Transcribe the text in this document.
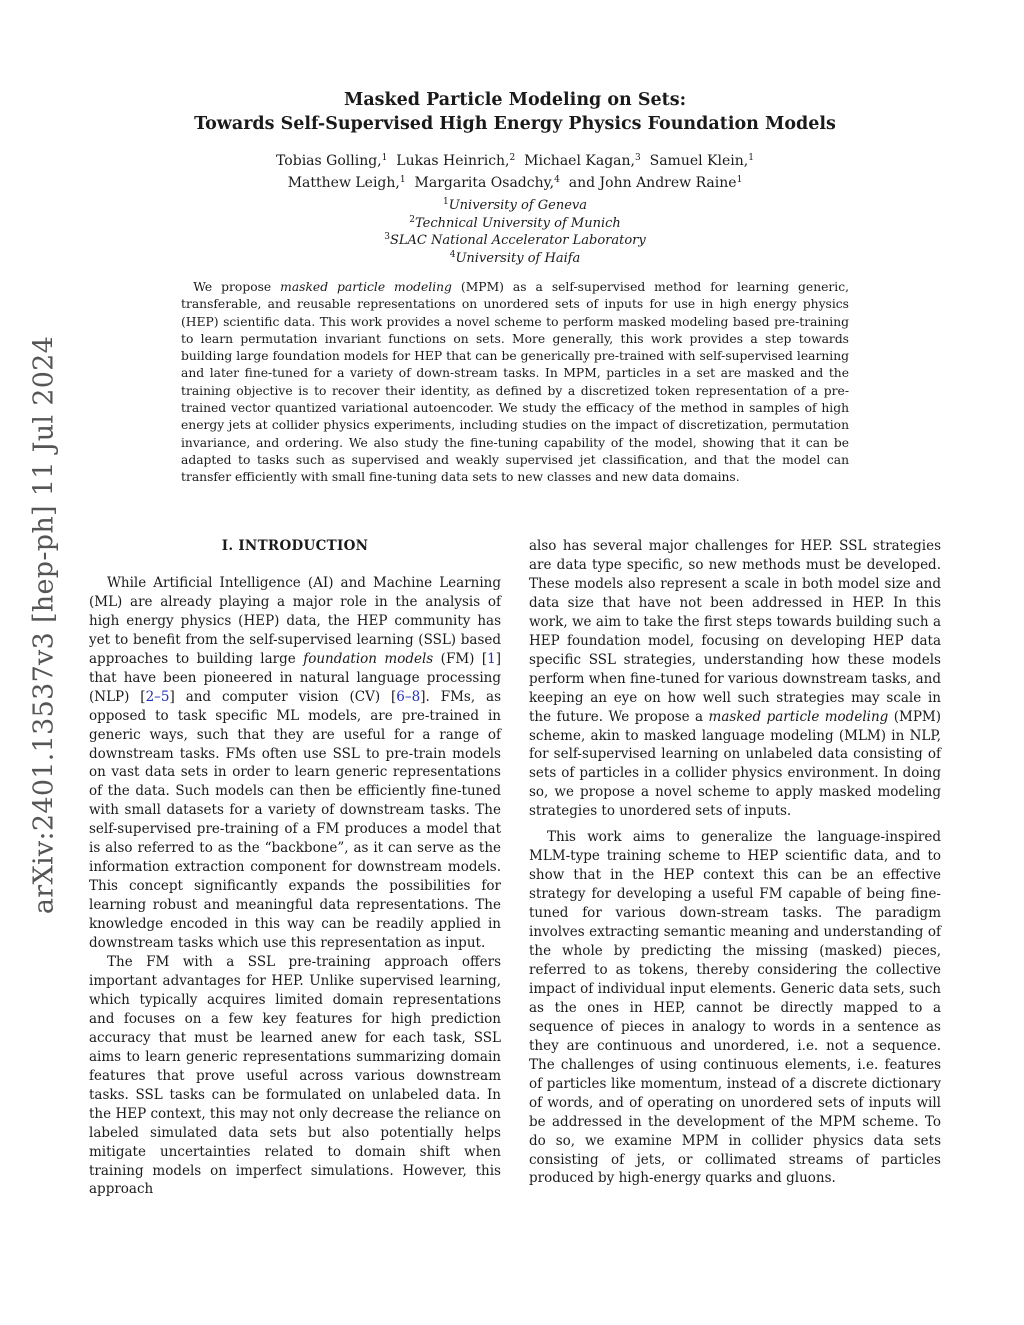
arXiv:2401.13537v3 [hep-ph] 11 Jul 2024
Masked Particle Modeling on Sets:
Towards Self-Supervised High Energy Physics Foundation Models
Tobias Golling,$^1$ Lukas Heinrich,$^2$ Michael Kagan,$^3$ Samuel Klein,$^1$
Matthew Leigh,$^1$ Margarita Osadchy,$^4$ and John Andrew Raine$^1$
$^1$University of Geneva
$^2$Technical University of Munich
$^3$SLAC National Accelerator Laboratory
$^4$University of Haifa

 We propose masked particle modeling (MPM) as a self-supervised method for learning generic, transferable, and reusable representations on unordered sets of inputs for use in high energy physics (HEP) scientific data. This work provides a novel scheme to perform masked modeling based pre-training to learn permutation invariant functions on sets. More generally, this work provides a step towards building large foundation models for HEP that can be generically pre-trained with self-supervised learning and later fine-tuned for a variety of down-stream tasks. In MPM, particles in a set are masked and the training objective is to recover their identity, as defined by a discretized token representation of a pre-trained vector quantized variational autoencoder. We study the efficacy of the method in samples of high energy jets at collider physics experiments, including studies on the impact of discretization, permutation invariance, and ordering. We also study the fine-tuning capability of the model, showing that it can be adapted to tasks such as supervised and weakly supervised jet classification, and that the model can transfer efficiently with small fine-tuning data sets to new classes and new data domains.

I. INTRODUCTION

While Artificial Intelligence (AI) and Machine Learning (ML) are already playing a major role in the analysis of high energy physics (HEP) data, the HEP community has yet to benefit from the self-supervised learning (SSL) based approaches to building large foundation models (FM) [1] that have been pioneered in natural language processing (NLP) [2–5] and computer vision (CV) [6–8]. FMs, as opposed to task specific ML models, are pre-trained in generic ways, such that they are useful for a range of downstream tasks. FMs often use SSL to pre-train models on vast data sets in order to learn generic representations of the data. Such models can then be efficiently fine-tuned with small datasets for a variety of downstream tasks. The self-supervised pre-training of a FM produces a model that is also referred to as the “backbone”, as it can serve as the information extraction component for downstream models. This concept significantly expands the possibilities for learning robust and meaningful data representations. The knowledge encoded in this way can be readily applied in downstream tasks which use this representation as input.

The FM with a SSL pre-training approach offers important advantages for HEP. Unlike supervised learning, which typically acquires limited domain representations and focuses on a few key features for high prediction accuracy that must be learned anew for each task, SSL aims to learn generic representations summarizing domain features that prove useful across various downstream tasks. SSL tasks can be formulated on unlabeled data. In the HEP context, this may not only decrease the reliance on labeled simulated data sets but also potentially helps mitigate uncertainties related to domain shift when training models on imperfect simulations. However, this approach

also has several major challenges for HEP. SSL strategies are data type specific, so new methods must be developed. These models also represent a scale in both model size and data size that have not been addressed in HEP. In this work, we aim to take the first steps towards building such a HEP foundation model, focusing on developing HEP data specific SSL strategies, understanding how these models perform when fine-tuned for various downstream tasks, and keeping an eye on how well such strategies may scale in the future. We propose a masked particle modeling (MPM) scheme, akin to masked language modeling (MLM) in NLP, for self-supervised learning on unlabeled data consisting of sets of particles in a collider physics environment. In doing so, we propose a novel scheme to apply masked modeling strategies to unordered sets of inputs.

This work aims to generalize the language-inspired MLM-type training scheme to HEP scientific data, and to show that in the HEP context this can be an effective strategy for developing a useful FM capable of being fine-tuned for various down-stream tasks. The paradigm involves extracting semantic meaning and understanding of the whole by predicting the missing (masked) pieces, referred to as tokens, thereby considering the collective impact of individual input elements. Generic data sets, such as the ones in HEP, cannot be directly mapped to a sequence of pieces in analogy to words in a sentence as they are continuous and unordered, i.e. not a sequence. The challenges of using continuous elements, i.e. features of particles like momentum, instead of a discrete dictionary of words, and of operating on unordered sets of inputs will be addressed in the development of the MPM scheme. To do so, we examine MPM in collider physics data sets consisting of jets, or collimated streams of particles produced by high-energy quarks and gluons.
